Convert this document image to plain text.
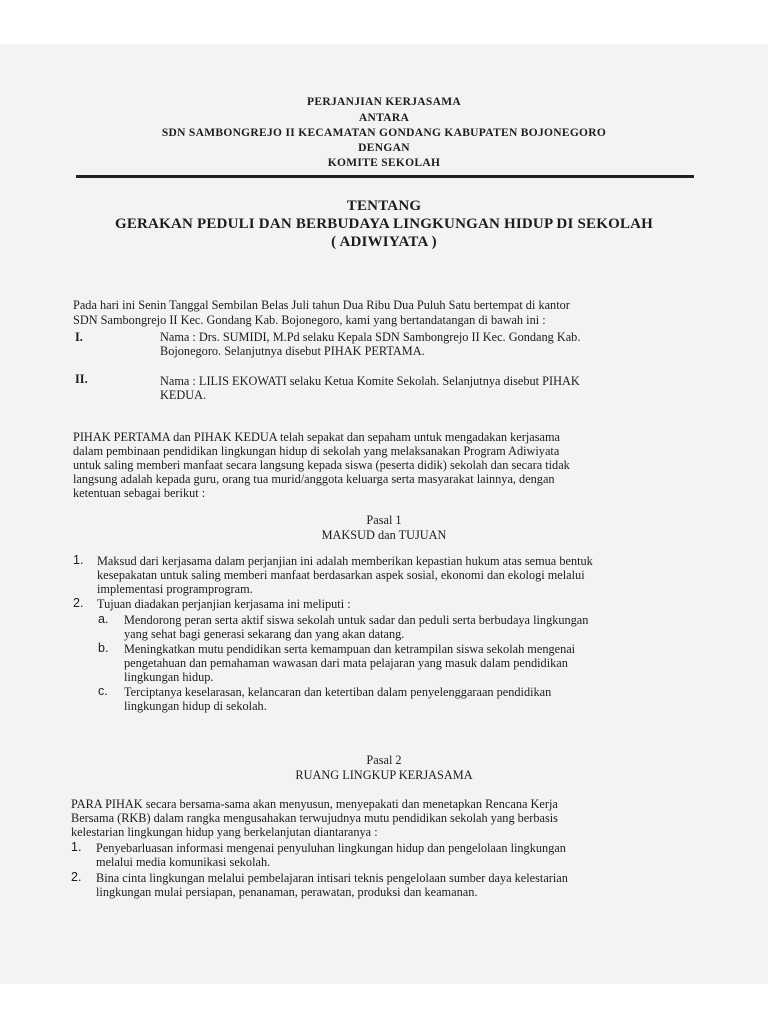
PERJANJIAN KERJASAMA

ANTARA

SDN SAMBONGREJO II KECAMATAN GONDANG KABUPATEN BOJONEGORO

DENGAN

KOMITE SEKOLAH

TENTANG

GERAKAN PEDULI DAN BERBUDAYA LINGKUNGAN HIDUP DI SEKOLAH

( ADIWIYATA )

Pada hari ini Senin Tanggal Sembilan Belas Juli tahun Dua Ribu Dua Puluh Satu bertempat di kantor

SDN Sambongrejo II Kec. Gondang Kab. Bojonegoro, kami yang bertandatangan di bawah ini :

I.	Nama : Drs. SUMIDI, M.Pd selaku Kepala SDN Sambongrejo II Kec. Gondang Kab.

Bojonegoro. Selanjutnya disebut PIHAK PERTAMA.

II.	Nama : LILIS EKOWATI selaku Ketua Komite Sekolah. Selanjutnya disebut PIHAK

KEDUA.

PIHAK PERTAMA dan PIHAK KEDUA telah sepakat dan sepaham untuk mengadakan kerjasama

dalam pembinaan pendidikan lingkungan hidup di sekolah yang melaksanakan Program Adiwiyata

untuk saling memberi manfaat secara langsung kepada siswa (peserta didik) sekolah dan secara tidak

langsung adalah kepada guru, orang tua murid/anggota keluarga serta masyarakat lainnya, dengan

ketentuan sebagai berikut :

Pasal 1

MAKSUD dan TUJUAN

1. Maksud dari kerjasama dalam perjanjian ini adalah memberikan kepastian hukum atas semua bentuk

kesepakatan untuk saling memberi manfaat berdasarkan aspek sosial, ekonomi dan ekologi melalui

implementasi programprogram.

2. Tujuan diadakan perjanjian kerjasama ini meliputi :

a. Mendorong peran serta aktif siswa sekolah untuk sadar dan peduli serta berbudaya lingkungan

yang sehat bagi generasi sekarang dan yang akan datang.

b. Meningkatkan mutu pendidikan serta kemampuan dan ketrampilan siswa sekolah mengenai

pengetahuan dan pemahaman wawasan dari mata pelajaran yang masuk dalam pendidikan

lingkungan hidup.

c. Terciptanya keselarasan, kelancaran dan ketertiban dalam penyelenggaraan pendidikan

lingkungan hidup di sekolah.

Pasal 2

RUANG LINGKUP KERJASAMA

PARA PIHAK secara bersama-sama akan menyusun, menyepakati dan menetapkan Rencana Kerja

Bersama (RKB) dalam rangka mengusahakan terwujudnya mutu pendidikan sekolah yang berbasis

kelestarian lingkungan hidup yang berkelanjutan diantaranya :

1. Penyebarluasan informasi mengenai penyuluhan lingkungan hidup dan pengelolaan lingkungan

melalui media komunikasi sekolah.

2. Bina cinta lingkungan melalui pembelajaran intisari teknis pengelolaan sumber daya kelestarian

lingkungan mulai persiapan, penanaman, perawatan, produksi dan keamanan.
